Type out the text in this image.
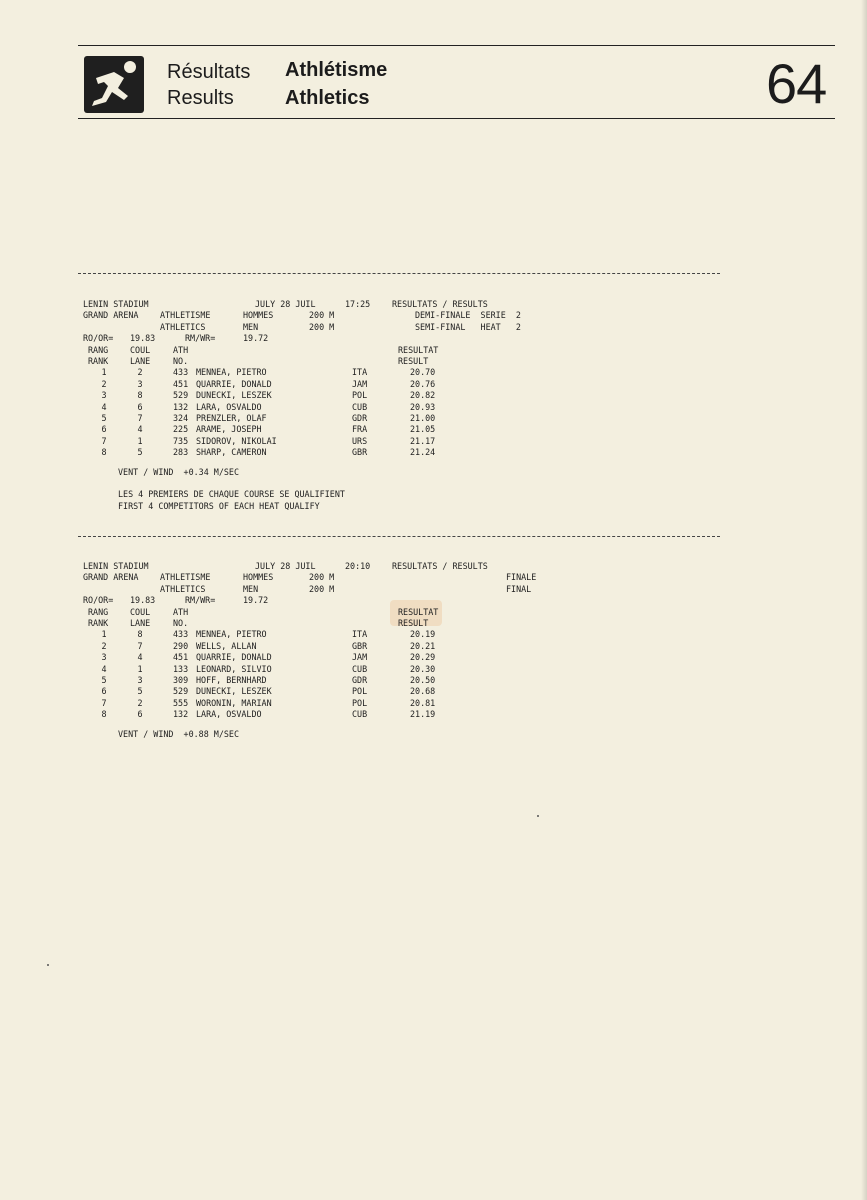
Résultats Athlétisme
Results	Athletics	64
LENIN STADIUM	JULY 28 JUIL	17:25	RESULTATS / RESULTS
GRAND ARENA	ATHLETISME	HOMMES	200 M	DEMI-FINALE  SERIE  2
ATHLETICS	MEN	200 M	SEMI-FINAL   HEAT   2
RO/OR= 19.83	RM/WR=	19.72
RANG	COUL	ATH	RESULTAT
RANK	LANE	NO.	RESULT
1	2	433 MENNEA, PIETRO	ITA	20.70
2	3	451 QUARRIE, DONALD	JAM	20.76
3	8	529 DUNECKI, LESZEK	POL	20.82
4	6	132 LARA, OSVALDO	CUB	20.93
5	7	324 PRENZLER, OLAF	GDR	21.00
6	4	225 ARAME, JOSEPH	FRA	21.05
7	1	735 SIDOROV, NIKOLAI	URS	21.17
8	5	283 SHARP, CAMERON	GBR	21.24
VENT / WIND  +0.34 M/SEC
LES 4 PREMIERS DE CHAQUE COURSE SE QUALIFIENT
FIRST 4 COMPETITORS OF EACH HEAT QUALIFY
LENIN STADIUM	JULY 28 JUIL	20:10	RESULTATS / RESULTS
GRAND ARENA	ATHLETISME	HOMMES	200 M	FINALE
ATHLETICS	MEN	200 M	FINAL
RO/OR= 19.83	RM/WR=	19.72
RANG	COUL	ATH	RESULTAT
RANK	LANE	NO.	RESULT
1	8	433 MENNEA, PIETRO	ITA	20.19
2	7	290 WELLS, ALLAN	GBR	20.21
3	4	451 QUARRIE, DONALD	JAM	20.29
4	1	133 LEONARD, SILVIO	CUB	20.30
5	3	309 HOFF, BERNHARD	GDR	20.50
6	5	529 DUNECKI, LESZEK	POL	20.68
7	2	555 WORONIN, MARIAN	POL	20.81
8	6	132 LARA, OSVALDO	CUB	21.19
VENT / WIND  +0.88 M/SEC
